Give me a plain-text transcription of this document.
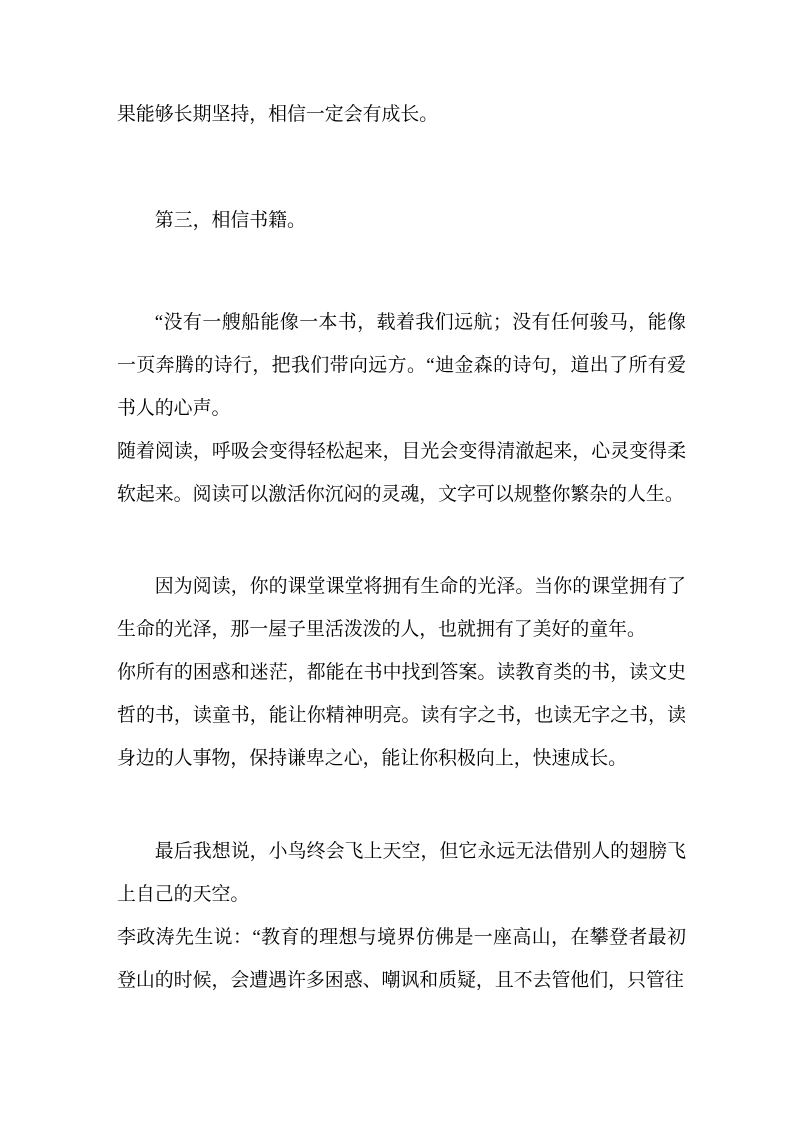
果能够长期坚持，相信一定会有成长。

第三，相信书籍。

“没有一艘船能像一本书，载着我们远航；没有任何骏马，能像一页奔腾的诗行，把我们带向远方。“迪金森的诗句，道出了所有爱书人的心声。

随着阅读，呼吸会变得轻松起来，目光会变得清澈起来，心灵变得柔软起来。阅读可以激活你沉闷的灵魂，文字可以规整你繁杂的人生。

因为阅读，你的课堂课堂将拥有生命的光泽。当你的课堂拥有了生命的光泽，那一屋子里活泼泼的人，也就拥有了美好的童年。

你所有的困惑和迷茫，都能在书中找到答案。读教育类的书，读文史哲的书，读童书，能让你精神明亮。读有字之书，也读无字之书，读身边的人事物，保持谦卑之心，能让你积极向上，快速成长。

最后我想说，小鸟终会飞上天空，但它永远无法借别人的翅膀飞上自己的天空。

李政涛先生说：“教育的理想与境界仿佛是一座高山，在攀登者最初登山的时候，会遭遇许多困惑、嘲讽和质疑，且不去管他们，只管往
